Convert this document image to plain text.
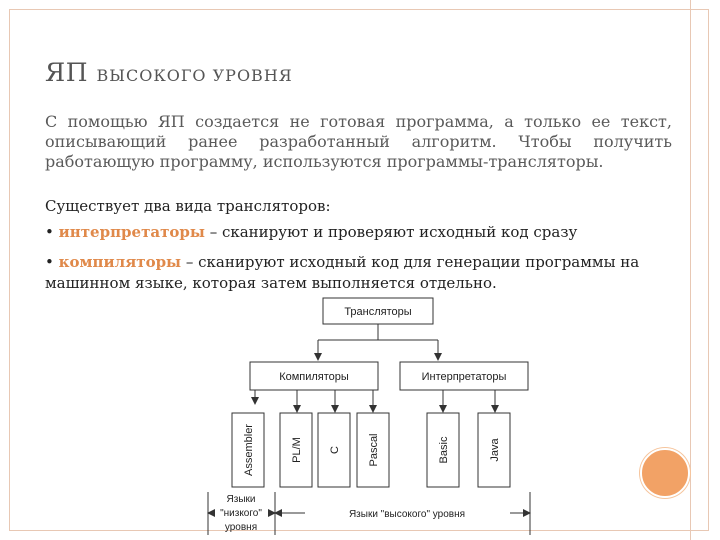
ЯП ВЫСОКОГО УРОВНЯ
С помощью ЯП создается не готовая программа, а только ее текст, описывающий ранее разработанный алгоритм. Чтобы получить работающую программу, используются программы-трансляторы.
Существует два вида трансляторов:
• интерпретаторы – сканируют и проверяют исходный код сразу
• компиляторы – сканируют исходный код для генерации программы на машинном языке, которая затем выполняется отдельно.
Трансляторы
Компиляторы	Интерпретаторы
Assembler	PL/M C Pascal	Basic	Java
Языки
"низкого"
уровня
Языки "высокого" уровня
